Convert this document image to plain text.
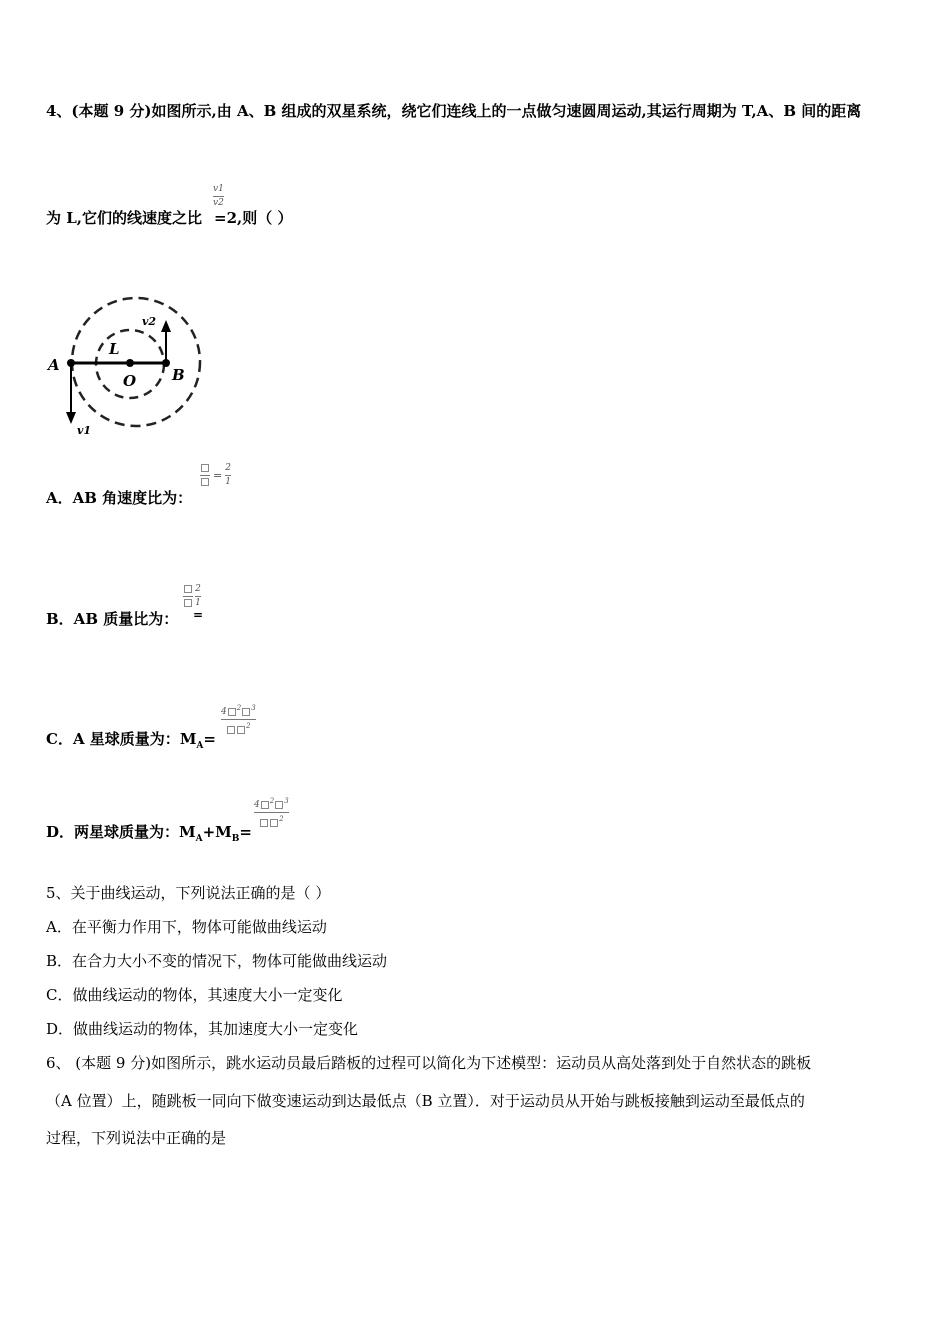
4、(本题 9 分)如图所示,由 A、B 组成的双星系统，绕它们连线上的一点做匀速圆周运动,其运行周期为 T,A、B 间的距离
为 L,它们的线速度之比 =2,则（ ）
v1
v2
A
B
O
L
v1
v2
A．AB 角速度比为：
= $\frac{2}{1}$
B．AB 质量比为： =
$\frac{2}{1}$
C．A 星球质量为：$M_A=$
4 $^2$ $^3$
$^2$
D．两星球质量为：$M_A+M_B=$
4 $^2$ $^3$
$^2$
5、关于曲线运动，下列说法正确的是（ ）
A．在平衡力作用下，物体可能做曲线运动
B．在合力大小不变的情况下，物体可能做曲线运动
C．做曲线运动的物体，其速度大小一定变化
D．做曲线运动的物体，其加速度大小一定变化
6、 (本题 9 分)如图所示，跳水运动员最后踏板的过程可以简化为下述模型：运动员从高处落到处于自然状态的跳板
（A 位置）上，随跳板一同向下做变速运动到达最低点（B 立置）．对于运动员从开始与跳板接触到运动至最低点的
过程，下列说法中正确的是
